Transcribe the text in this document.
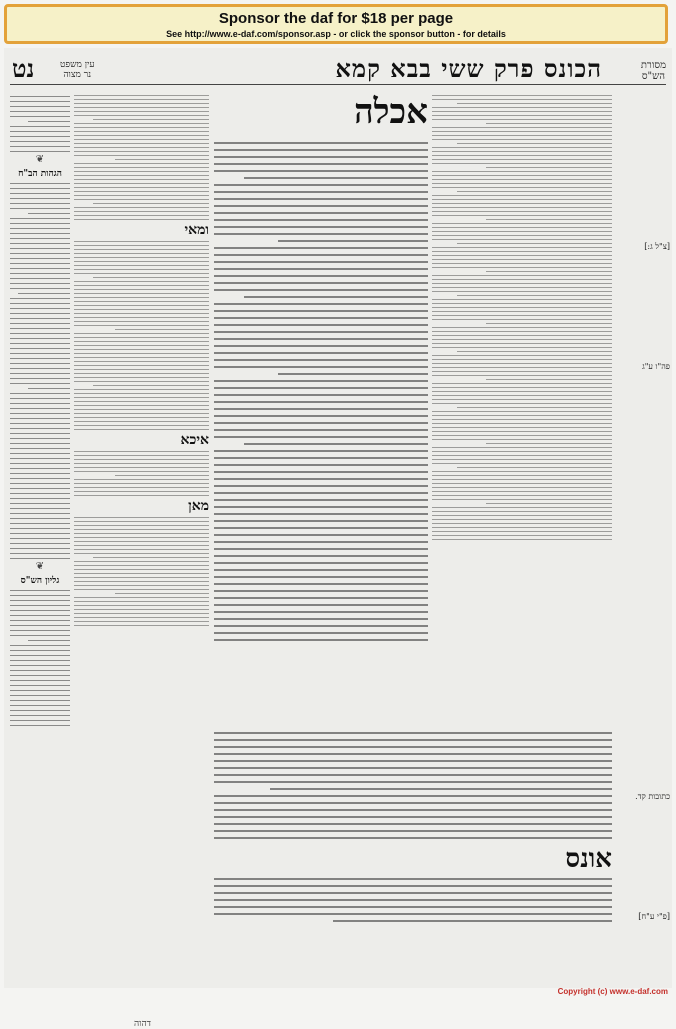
Sponsor the daf for $18 per page
See http://www.e-daf.com/sponsor.asp - or click the sponsor button - for details
מסורת
הש"ס
הכונס פרק ששי בבא קמא
עין משפט
נר מצוה
נט
[צ"ל ג:]
פה"ו ע"ג
כתובות קד.
[פ"י ע"ח]
אכלה
אונס
ומאי
איכא
מאן
❦
הגהות הב"ח
❦
גליון הש"ס
דהוה
Copyright (c) www.e-daf.com
